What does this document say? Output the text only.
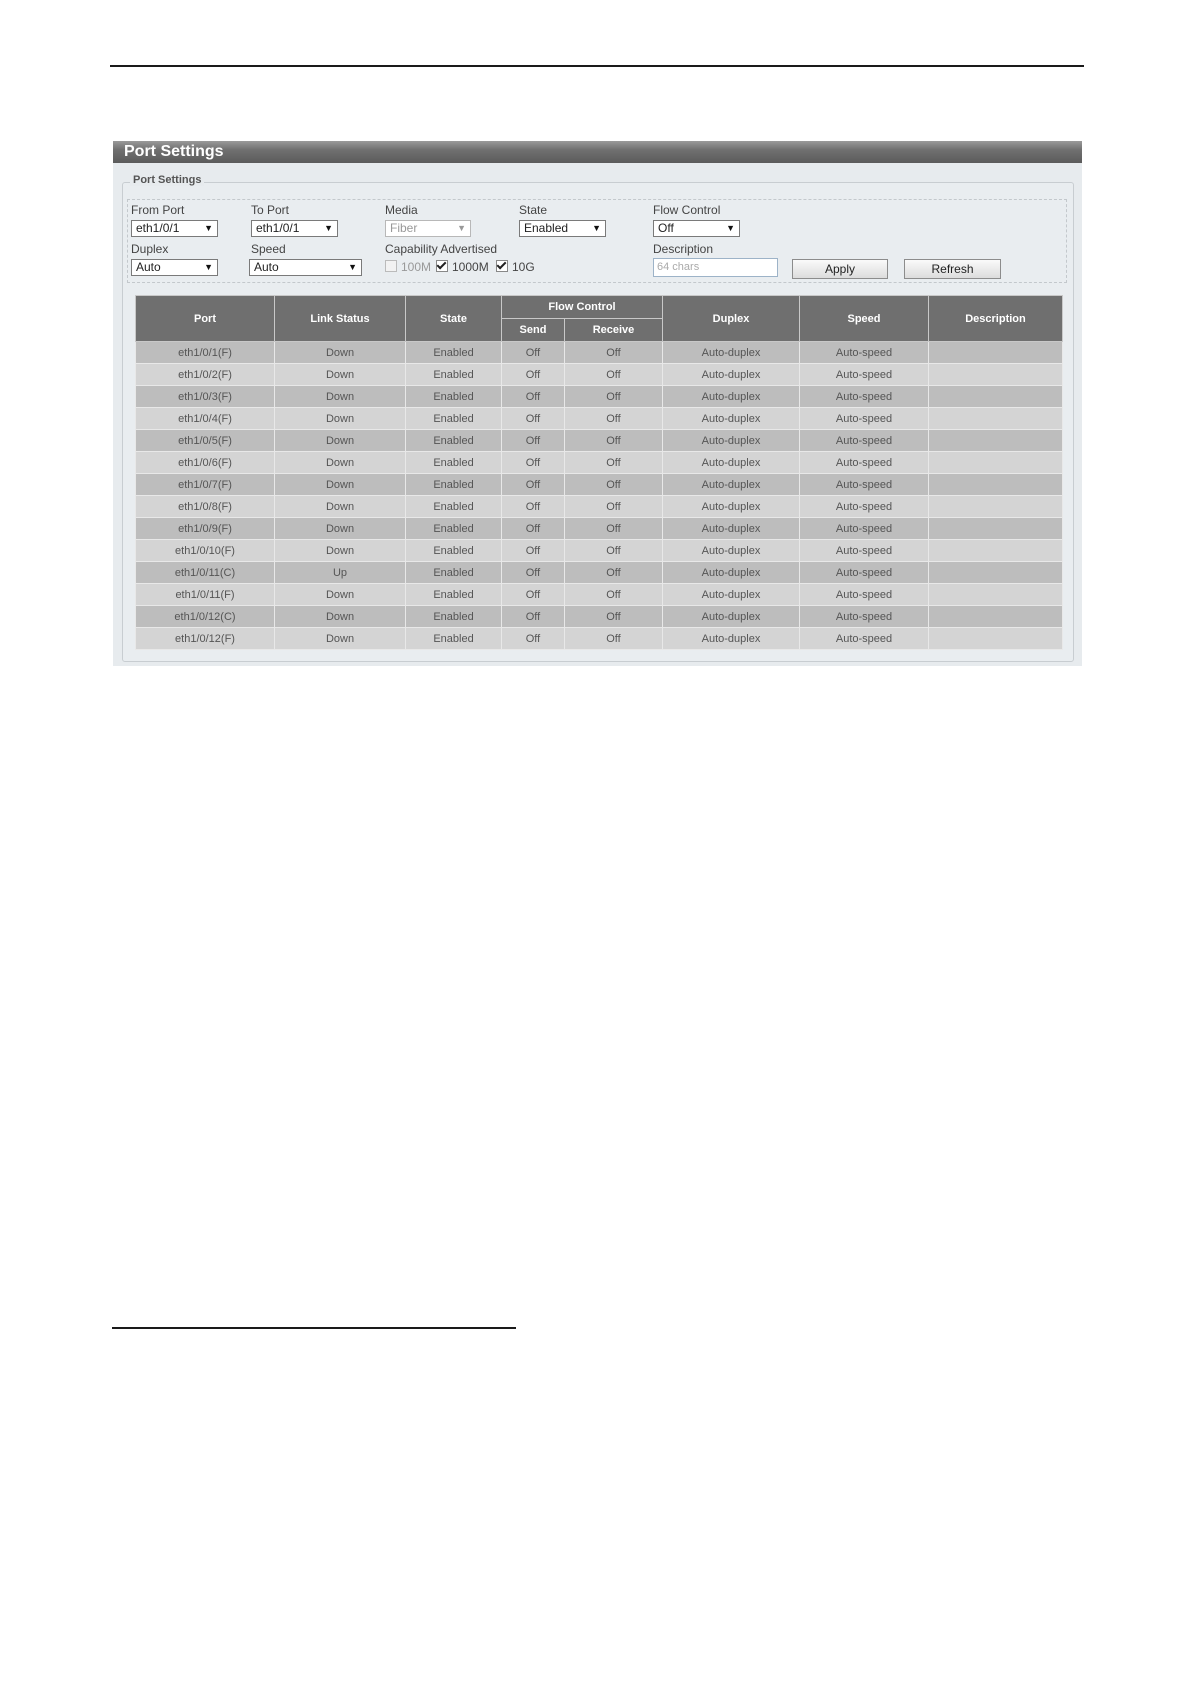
Port Settings
Port Settings
From Port	To Port	Media	State	Flow Control
eth1/0/1	▼	eth1/0/1	▼	Fiber	▼	Enabled	▼	Off	▼
Duplex	Speed	Capability Advertised	Description
Auto	▼	Auto	▼	100M	1000M	10G	64 chars	Apply	Refresh
Port	Link Status	State	Flow Control		Duplex	Speed	Description
			Send	Receive			
eth1/0/1(F)	Down	Enabled	Off	Off	Auto-duplex	Auto-speed	
eth1/0/2(F)	Down	Enabled	Off	Off	Auto-duplex	Auto-speed	
eth1/0/3(F)	Down	Enabled	Off	Off	Auto-duplex	Auto-speed	
eth1/0/4(F)	Down	Enabled	Off	Off	Auto-duplex	Auto-speed	
eth1/0/5(F)	Down	Enabled	Off	Off	Auto-duplex	Auto-speed	
eth1/0/6(F)	Down	Enabled	Off	Off	Auto-duplex	Auto-speed	
eth1/0/7(F)	Down	Enabled	Off	Off	Auto-duplex	Auto-speed	
eth1/0/8(F)	Down	Enabled	Off	Off	Auto-duplex	Auto-speed	
eth1/0/9(F)	Down	Enabled	Off	Off	Auto-duplex	Auto-speed	
eth1/0/10(F)	Down	Enabled	Off	Off	Auto-duplex	Auto-speed	
eth1/0/11(C)	Up	Enabled	Off	Off	Auto-duplex	Auto-speed	
eth1/0/11(F)	Down	Enabled	Off	Off	Auto-duplex	Auto-speed	
eth1/0/12(C)	Down	Enabled	Off	Off	Auto-duplex	Auto-speed	
eth1/0/12(F)	Down	Enabled	Off	Off	Auto-duplex	Auto-speed	
